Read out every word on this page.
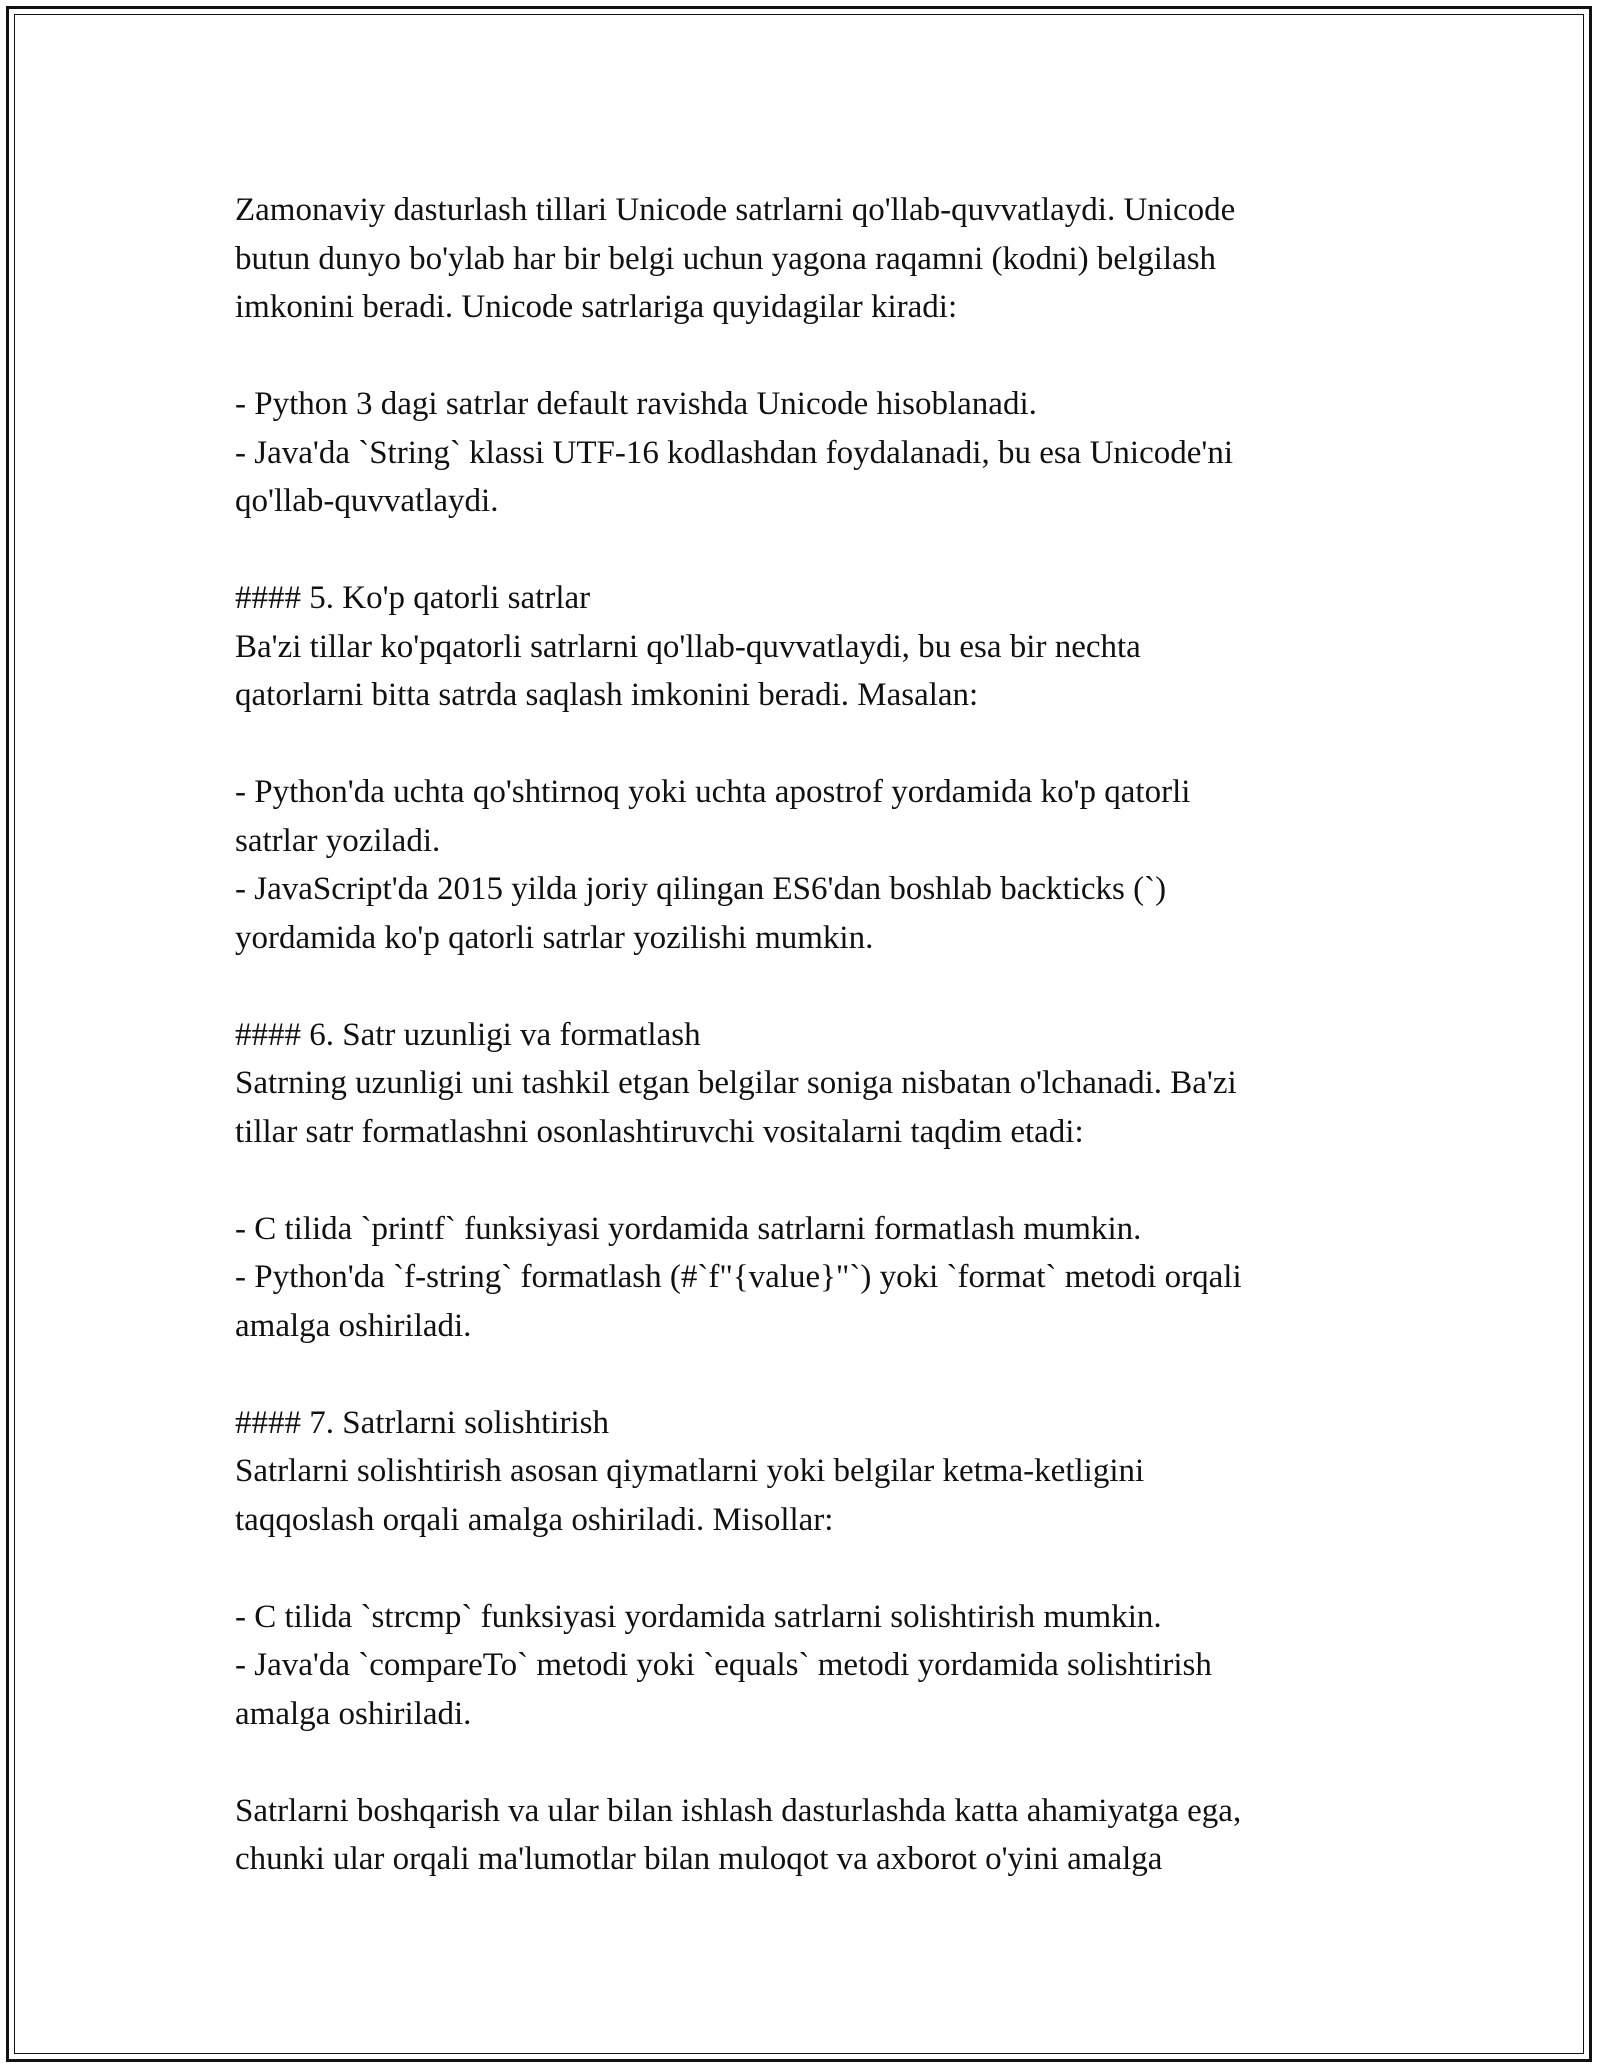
Zamonaviy dasturlash tillari Unicode satrlarni qo'llab-quvvatlaydi. Unicode

butun dunyo bo'ylab har bir belgi uchun yagona raqamni (kodni) belgilash

imkonini beradi. Unicode satrlariga quyidagilar kiradi:

- Python 3 dagi satrlar default ravishda Unicode hisoblanadi.

- Java'da `String` klassi UTF-16 kodlashdan foydalanadi, bu esa Unicode'ni

qo'llab-quvvatlaydi.

#### 5. Ko'p qatorli satrlar

Ba'zi tillar ko'pqatorli satrlarni qo'llab-quvvatlaydi, bu esa bir nechta

qatorlarni bitta satrda saqlash imkonini beradi. Masalan:

- Python'da uchta qo'shtirnoq yoki uchta apostrof yordamida ko'p qatorli

satrlar yoziladi.

- JavaScript'da 2015 yilda joriy qilingan ES6'dan boshlab backticks (`)

yordamida ko'p qatorli satrlar yozilishi mumkin.

#### 6. Satr uzunligi va formatlash

Satrning uzunligi uni tashkil etgan belgilar soniga nisbatan o'lchanadi. Ba'zi

tillar satr formatlashni osonlashtiruvchi vositalarni taqdim etadi:

- C tilida `printf` funksiyasi yordamida satrlarni formatlash mumkin.

- Python'da `f-string` formatlash (#`f"{value}"`) yoki `format` metodi orqali

amalga oshiriladi.

#### 7. Satrlarni solishtirish

Satrlarni solishtirish asosan qiymatlarni yoki belgilar ketma-ketligini

taqqoslash orqali amalga oshiriladi. Misollar:

- C tilida `strcmp` funksiyasi yordamida satrlarni solishtirish mumkin.

- Java'da `compareTo` metodi yoki `equals` metodi yordamida solishtirish

amalga oshiriladi.

Satrlarni boshqarish va ular bilan ishlash dasturlashda katta ahamiyatga ega,

chunki ular orqali ma'lumotlar bilan muloqot va axborot o'yini amalga
